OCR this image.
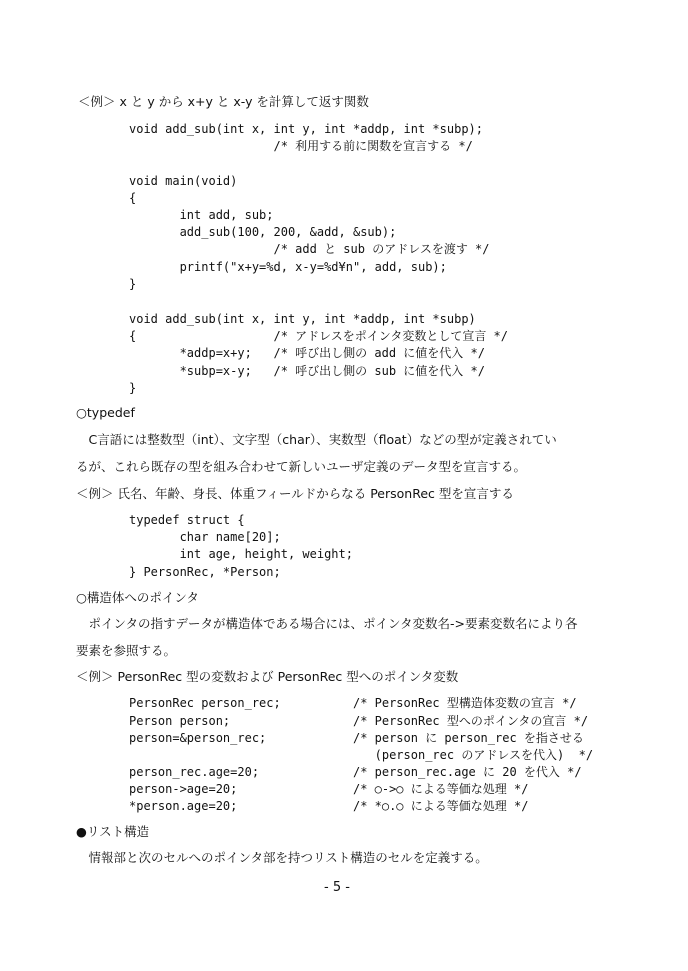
＜例＞ x と y から x+y と x-y を計算して返す関数
void add_sub(int x, int y, int *addp, int *subp);
/* 利用する前に関数を宣言する */
void main(void)
{
int add, sub;
add_sub(100, 200, &add, &sub);
/* add と sub のアドレスを渡す */
printf("x+y=%d, x-y=%d¥n", add, sub);
}
void add_sub(int x, int y, int *addp, int *subp)
{                   /* アドレスをポインタ変数として宣言 */
*addp=x+y;   /* 呼び出し側の add に値を代入 */
*subp=x-y;   /* 呼び出し側の sub に値を代入 */
}
○typedef
　C言語には整数型（int）、文字型（char）、実数型（float）などの型が定義されてい
るが、これら既存の型を組み合わせて新しいユーザ定義のデータ型を宣言する。
＜例＞ 氏名、年齢、身長、体重フィールドからなる PersonRec 型を宣言する
typedef struct {
char name[20];
int age, height, weight;
} PersonRec, *Person;
○構造体へのポインタ
　ポインタの指すデータが構造体である場合には、ポインタ変数名->要素変数名により各
要素を参照する。
＜例＞ PersonRec 型の変数および PersonRec 型へのポインタ変数
PersonRec person_rec;          /* PersonRec 型構造体変数の宣言 */
Person person;                 /* PersonRec 型へのポインタの宣言 */
person=&person_rec;            /* person に person_rec を指させる
(person_rec のアドレスを代入)  */
person_rec.age=20;             /* person_rec.age に 20 を代入 */
person->age=20;                /* ○->○ による等価な処理 */
*person.age=20;                /* *○.○ による等価な処理 */
●リスト構造
　情報部と次のセルへのポインタ部を持つリスト構造のセルを定義する。
- 5 -
